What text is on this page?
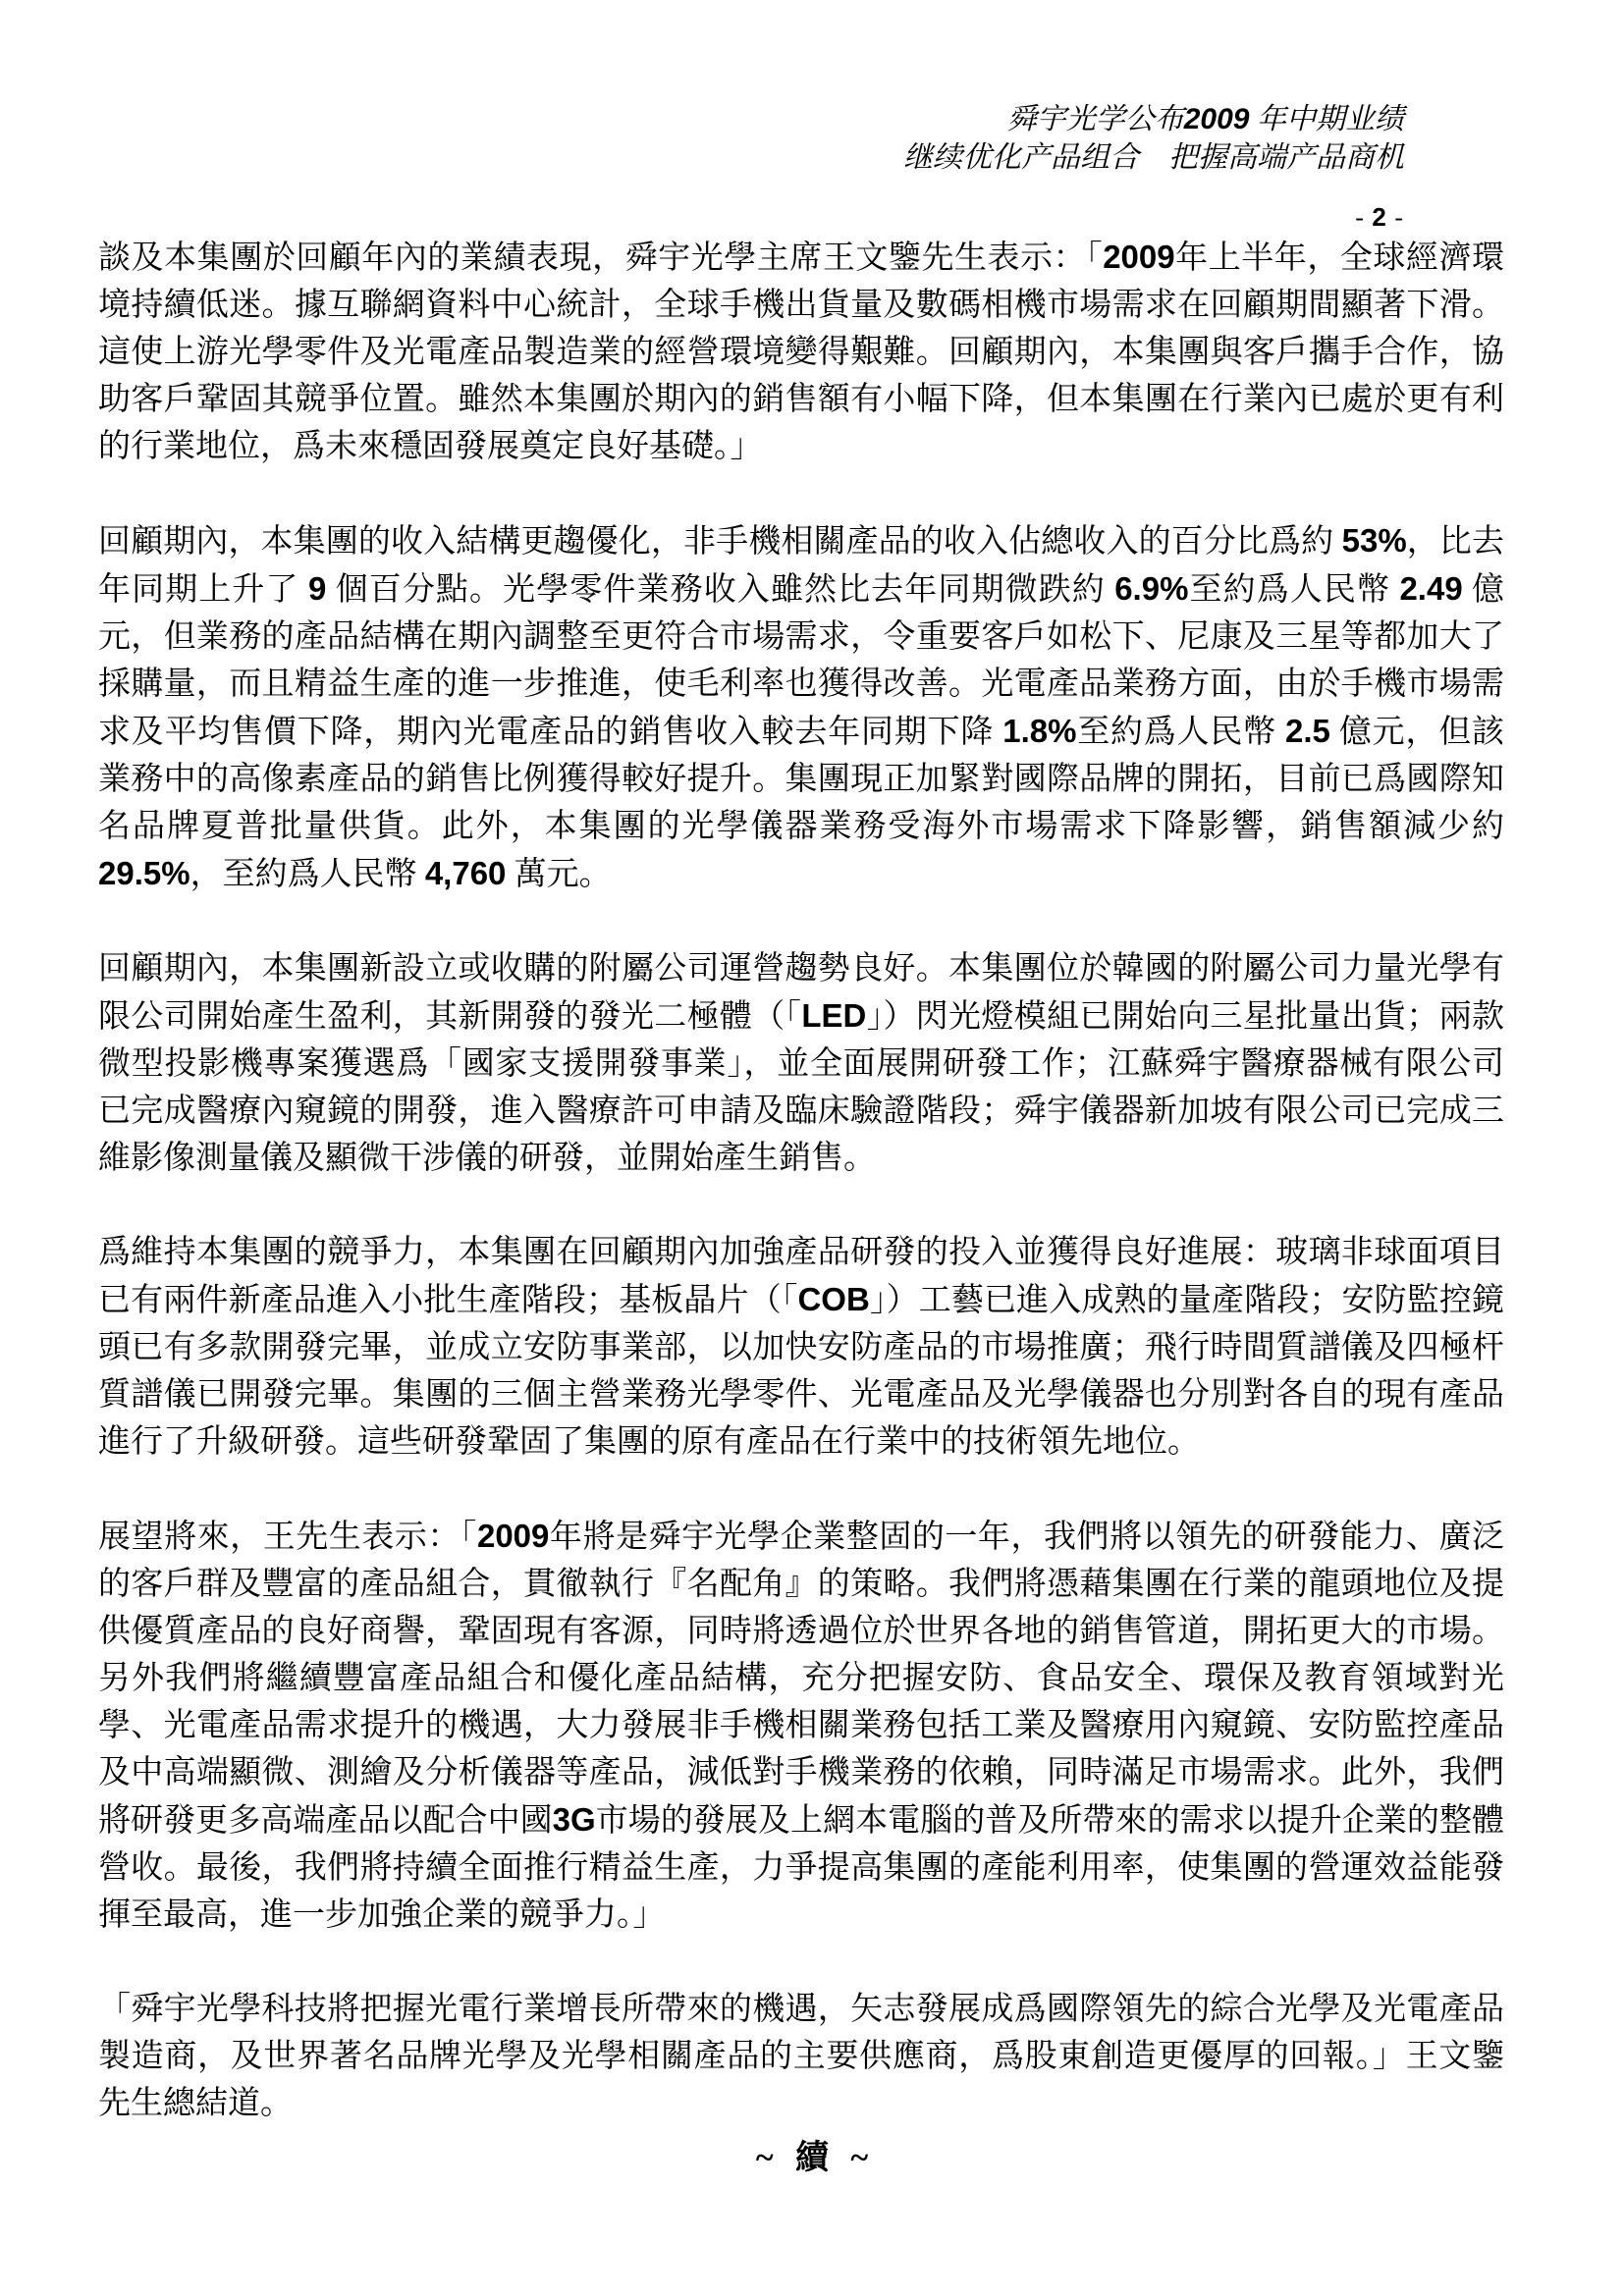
舜宇光学公布2009 年中期业绩
继续优化产品组合　把握高端产品商机
- 2 -

談及本集團於回顧年內的業績表現，舜宇光學主席王文鑒先生表示：「2009年上半年，全球經濟環境持續低迷。據互聯網資料中心統計，全球手機出貨量及數碼相機市場需求在回顧期間顯著下滑。這使上游光學零件及光電產品製造業的經營環境變得艱難。回顧期內，本集團與客戶攜手合作，協助客戶鞏固其競爭位置。雖然本集團於期內的銷售額有小幅下降，但本集團在行業內已處於更有利的行業地位，爲未來穩固發展奠定良好基礎。」

回顧期內，本集團的收入結構更趨優化，非手機相關產品的收入佔總收入的百分比爲約 53%，比去年同期上升了 9 個百分點。光學零件業務收入雖然比去年同期微跌約 6.9%至約爲人民幣 2.49 億元，但業務的產品結構在期內調整至更符合市場需求，令重要客戶如松下、尼康及三星等都加大了採購量，而且精益生產的進一步推進，使毛利率也獲得改善。光電產品業務方面，由於手機市場需求及平均售價下降，期內光電產品的銷售收入較去年同期下降 1.8%至約爲人民幣 2.5 億元，但該業務中的高像素產品的銷售比例獲得較好提升。集團現正加緊對國際品牌的開拓，目前已爲國際知名品牌夏普批量供貨。此外，本集團的光學儀器業務受海外市場需求下降影響，銷售額減少約 29.5%，至約爲人民幣 4,760 萬元。

回顧期內，本集團新設立或收購的附屬公司運營趨勢良好。本集團位於韓國的附屬公司力量光學有限公司開始產生盈利，其新開發的發光二極體（「LED」）閃光燈模組已開始向三星批量出貨；兩款微型投影機專案獲選爲「國家支援開發事業」，並全面展開研發工作；江蘇舜宇醫療器械有限公司已完成醫療內窺鏡的開發，進入醫療許可申請及臨床驗證階段；舜宇儀器新加坡有限公司已完成三維影像測量儀及顯微干涉儀的研發，並開始產生銷售。

爲維持本集團的競爭力，本集團在回顧期內加強產品研發的投入並獲得良好進展：玻璃非球面項目已有兩件新產品進入小批生產階段；基板晶片（「COB」）工藝已進入成熟的量產階段；安防監控鏡頭已有多款開發完畢，並成立安防事業部，以加快安防產品的市場推廣；飛行時間質譜儀及四極杆質譜儀已開發完畢。集團的三個主營業務光學零件、光電產品及光學儀器也分別對各自的現有產品進行了升級研發。這些研發鞏固了集團的原有產品在行業中的技術領先地位。

展望將來，王先生表示：「2009年將是舜宇光學企業整固的一年，我們將以領先的研發能力、廣泛的客戶群及豐富的產品組合，貫徹執行『名配角』的策略。我們將憑藉集團在行業的龍頭地位及提供優質產品的良好商譽，鞏固現有客源，同時將透過位於世界各地的銷售管道，開拓更大的市場。另外我們將繼續豐富產品組合和優化產品結構，充分把握安防、食品安全、環保及教育領域對光學、光電產品需求提升的機遇，大力發展非手機相關業務包括工業及醫療用內窺鏡、安防監控產品及中高端顯微、測繪及分析儀器等產品，減低對手機業務的依賴，同時滿足市場需求。此外，我們將研發更多高端產品以配合中國3G市場的發展及上網本電腦的普及所帶來的需求以提升企業的整體營收。最後，我們將持續全面推行精益生產，力爭提高集團的產能利用率，使集團的營運效益能發揮至最高，進一步加強企業的競爭力。」

「舜宇光學科技將把握光電行業增長所帶來的機遇，矢志發展成爲國際領先的綜合光學及光電產品製造商，及世界著名品牌光學及光學相關產品的主要供應商，爲股東創造更優厚的回報。」王文鑒先生總結道。

~ 續 ~
